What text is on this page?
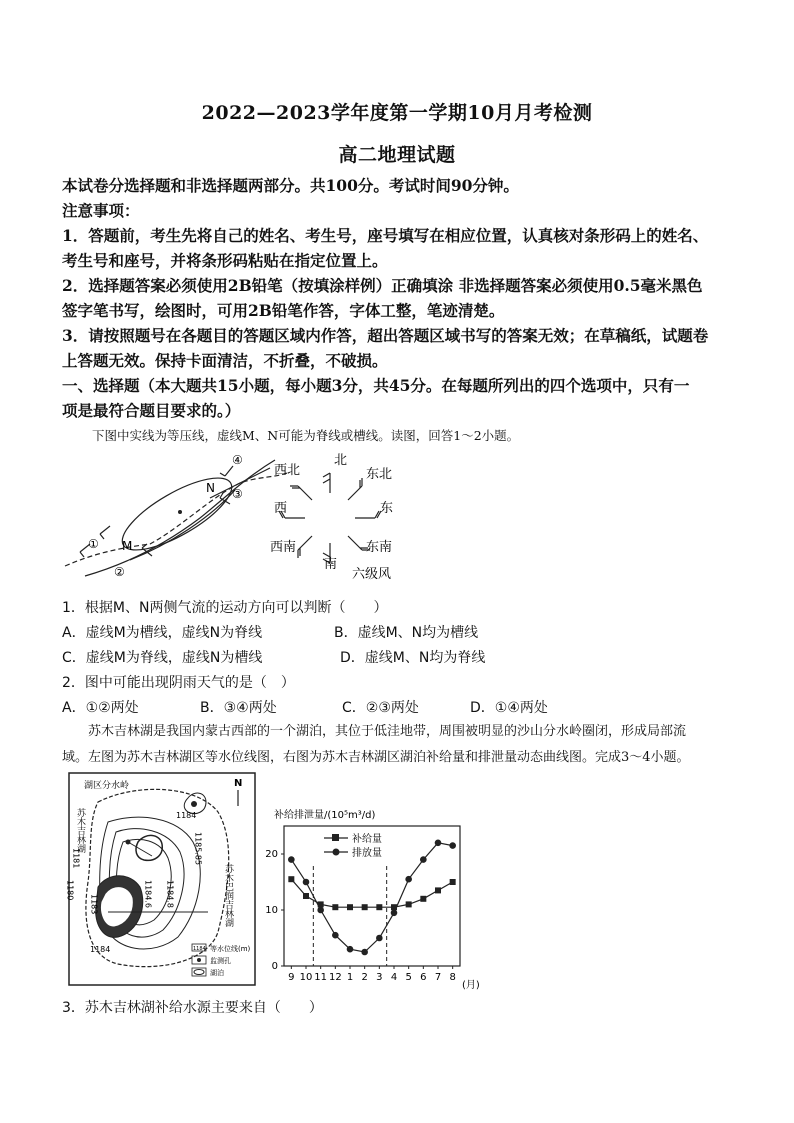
2022—2023学年度第一学期10月月考检测
高二地理试题
本试卷分选择题和非选择题两部分。共100分。考试时间90分钟。
注意事项：
1．答题前，考生先将自己的姓名、考生号，座号填写在相应位置，认真核对条形码上的姓名、
考生号和座号，并将条形码粘贴在指定位置上。
2．选择题答案必须使用2B铅笔（按填涂样例）正确填涂 非选择题答案必须使用0.5毫米黑色
签字笔书写，绘图时，可用2B铅笔作答，字体工整，笔迹清楚。
3．请按照题号在各题目的答题区域内作答，超出答题区域书写的答案无效；在草稿纸，试题卷
上答题无效。保持卡面清洁，不折叠，不破损。
一、选择题（本大题共15小题，每小题3分，共45分。在每题所列出的四个选项中，只有一
项是最符合题目要求的。）
下图中实线为等压线，虚线M、N可能为脊线或槽线。读图，回答1～2小题。
M
N
①
②
③
④
西北
北
东北
西	东
西南	东南
南
六级风
1．根据M、N两侧气流的运动方向可以判断（　　）
A．虚线M为槽线，虚线N为脊线	B．虚线M、N均为槽线
C．虚线M为脊线，虚线N为槽线	D．虚线M、N均为脊线
2．图中可能出现阴雨天气的是（　）
A．①②两处	B．③④两处	C．②③两处	D．①④两处
苏木吉林湖是我国内蒙古西部的一个湖泊，其位于低洼地带，周围被明显的沙山分水岭圈闭，形成局部流
域。左图为苏木吉林湖区等水位线图，右图为苏木吉林湖区湖泊补给量和排泄量动态曲线图。完成3～4小题。
湖区分水岭	N
1184
苏木吉林湖
苏木巴润吉林湖
1184.6 1184.8
1185.85
1181
1183
1180
1184	1184 等水位线(m)
监测孔
湖泊
补给排泄量/(10⁵m³/d)
0
10
20
9 10 11 12 1 2 3 4 5 6 7 8
补给量
排放量
(月)
3．苏木吉林湖补给水源主要来自（　　）
